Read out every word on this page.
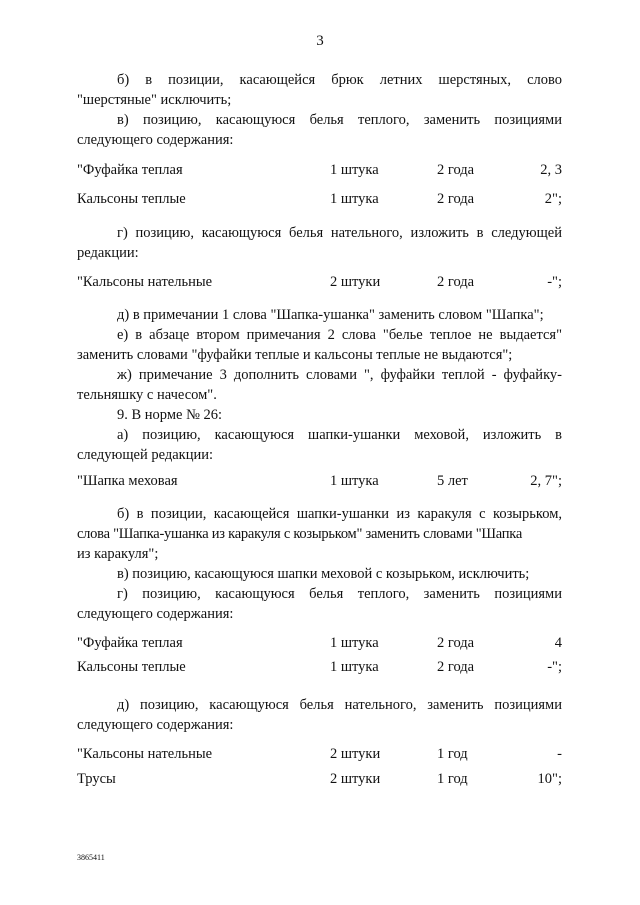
3
б) в позиции, касающейся брюк летних шерстяных, слово
"шерстяные" исключить;
в) позицию, касающуюся белья теплого, заменить позициями
следующего содержания:
"Фуфайка теплая	1 штука	2 года	2, 3
Кальсоны теплые	1 штука	2 года	2";
г) позицию, касающуюся белья нательного, изложить в следующей
редакции:
"Кальсоны нательные	2 штуки	2 года	-";
д) в примечании 1 слова "Шапка-ушанка" заменить словом "Шапка";
е) в абзаце втором примечания 2 слова "белье теплое не выдается"
заменить словами "фуфайки теплые и кальсоны теплые не выдаются";
ж) примечание 3 дополнить словами ", фуфайки теплой - фуфайку-
тельняшку с начесом".
9. В норме № 26:
а) позицию, касающуюся шапки-ушанки меховой, изложить в
следующей редакции:
"Шапка меховая	1 штука	5 лет	2, 7";
б) в позиции, касающейся шапки-ушанки из каракуля с козырьком,
слова "Шапка-ушанка из каракуля с козырьком" заменить словами "Шапка
из каракуля";
в) позицию, касающуюся шапки меховой с козырьком, исключить;
г) позицию, касающуюся белья теплого, заменить позициями
следующего содержания:
"Фуфайка теплая	1 штука	2 года	4
Кальсоны теплые	1 штука	2 года	-";
д) позицию, касающуюся белья нательного, заменить позициями
следующего содержания:
"Кальсоны нательные	2 штуки	1 год	-
Трусы	2 штуки	1 год	10";
3865411
